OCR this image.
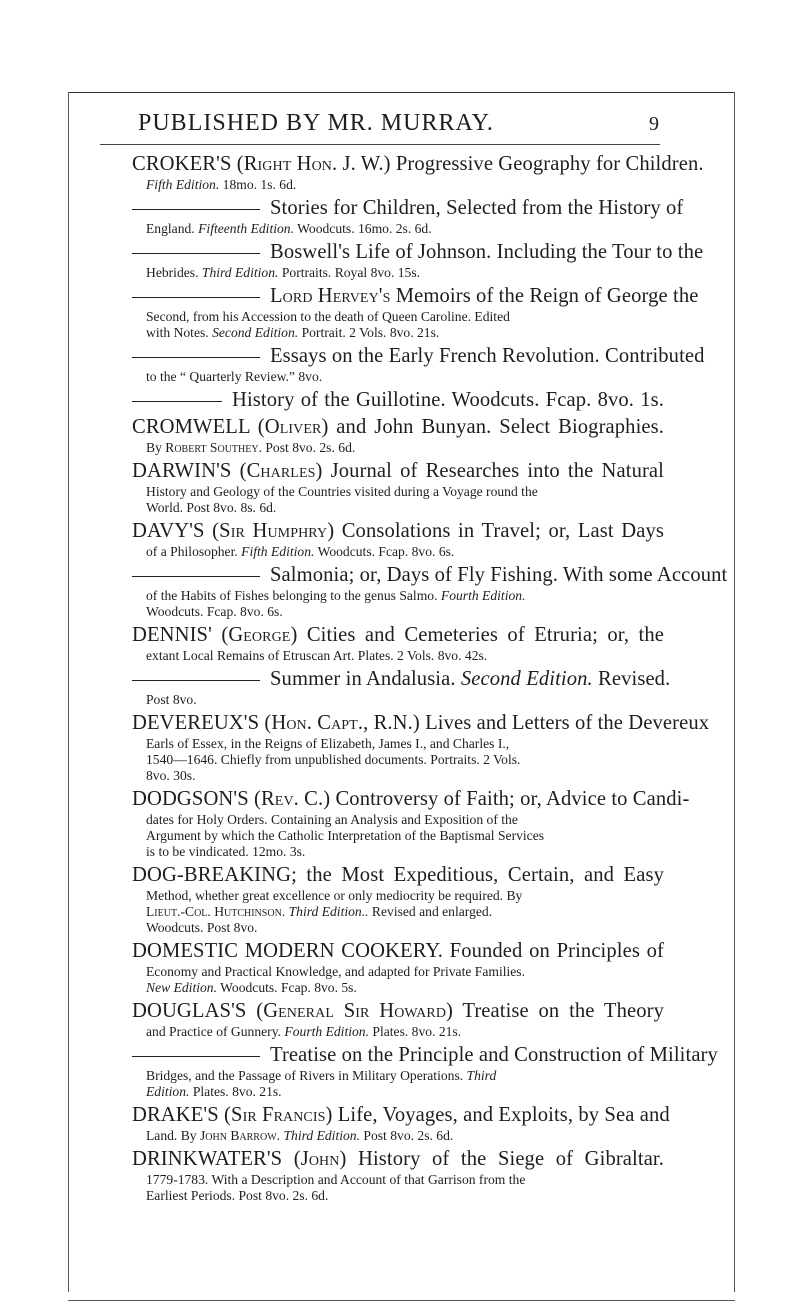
PUBLISHED BY MR. MURRAY.	9
CROKER'S (Right Hon. J. W.) Progressive Geography for Children.
Fifth Edition. 18mo. 1s. 6d.
Stories for Children, Selected from the History of
England. Fifteenth Edition. Woodcuts. 16mo. 2s. 6d.
Boswell's Life of Johnson. Including the Tour to the
Hebrides. Third Edition. Portraits. Royal 8vo. 15s.
Lord Hervey's Memoirs of the Reign of George the
Second, from his Accession to the death of Queen Caroline. Edited
with Notes. Second Edition. Portrait. 2 Vols. 8vo. 21s.
Essays on the Early French Revolution. Contributed
to the “ Quarterly Review.” 8vo.
History of the Guillotine. Woodcuts. Fcap. 8vo. 1s.
CROMWELL (Oliver) and John Bunyan. Select Biographies.
By Robert Southey. Post 8vo. 2s. 6d.
DARWIN'S (Charles) Journal of Researches into the Natural
History and Geology of the Countries visited during a Voyage round the
World. Post 8vo. 8s. 6d.
DAVY'S (Sir Humphry) Consolations in Travel; or, Last Days
of a Philosopher. Fifth Edition. Woodcuts. Fcap. 8vo. 6s.
Salmonia; or, Days of Fly Fishing. With some Account
of the Habits of Fishes belonging to the genus Salmo. Fourth Edition.
Woodcuts. Fcap. 8vo. 6s.
DENNIS' (George) Cities and Cemeteries of Etruria; or, the
extant Local Remains of Etruscan Art. Plates. 2 Vols. 8vo. 42s.
Summer in Andalusia. Second Edition. Revised.
Post 8vo.
DEVEREUX'S (Hon. Capt., R.N.) Lives and Letters of the Devereux
Earls of Essex, in the Reigns of Elizabeth, James I., and Charles I.,
1540—1646. Chiefly from unpublished documents. Portraits. 2 Vols.
8vo. 30s.
DODGSON'S (Rev. C.) Controversy of Faith; or, Advice to Candi-
dates for Holy Orders. Containing an Analysis and Exposition of the
Argument by which the Catholic Interpretation of the Baptismal Services
is to be vindicated. 12mo. 3s.
DOG-BREAKING; the Most Expeditious, Certain, and Easy
Method, whether great excellence or only mediocrity be required. By
Lieut.-Col. Hutchinson. Third Edition.. Revised and enlarged.
Woodcuts. Post 8vo.
DOMESTIC MODERN COOKERY. Founded on Principles of
Economy and Practical Knowledge, and adapted for Private Families.
New Edition. Woodcuts. Fcap. 8vo. 5s.
DOUGLAS'S (General Sir Howard) Treatise on the Theory
and Practice of Gunnery. Fourth Edition. Plates. 8vo. 21s.
Treatise on the Principle and Construction of Military
Bridges, and the Passage of Rivers in Military Operations. Third
Edition. Plates. 8vo. 21s.
DRAKE'S (Sir Francis) Life, Voyages, and Exploits, by Sea and
Land. By John Barrow. Third Edition. Post 8vo. 2s. 6d.
DRINKWATER'S (John) History of the Siege of Gibraltar.
1779-1783. With a Description and Account of that Garrison from the
Earliest Periods. Post 8vo. 2s. 6d.
